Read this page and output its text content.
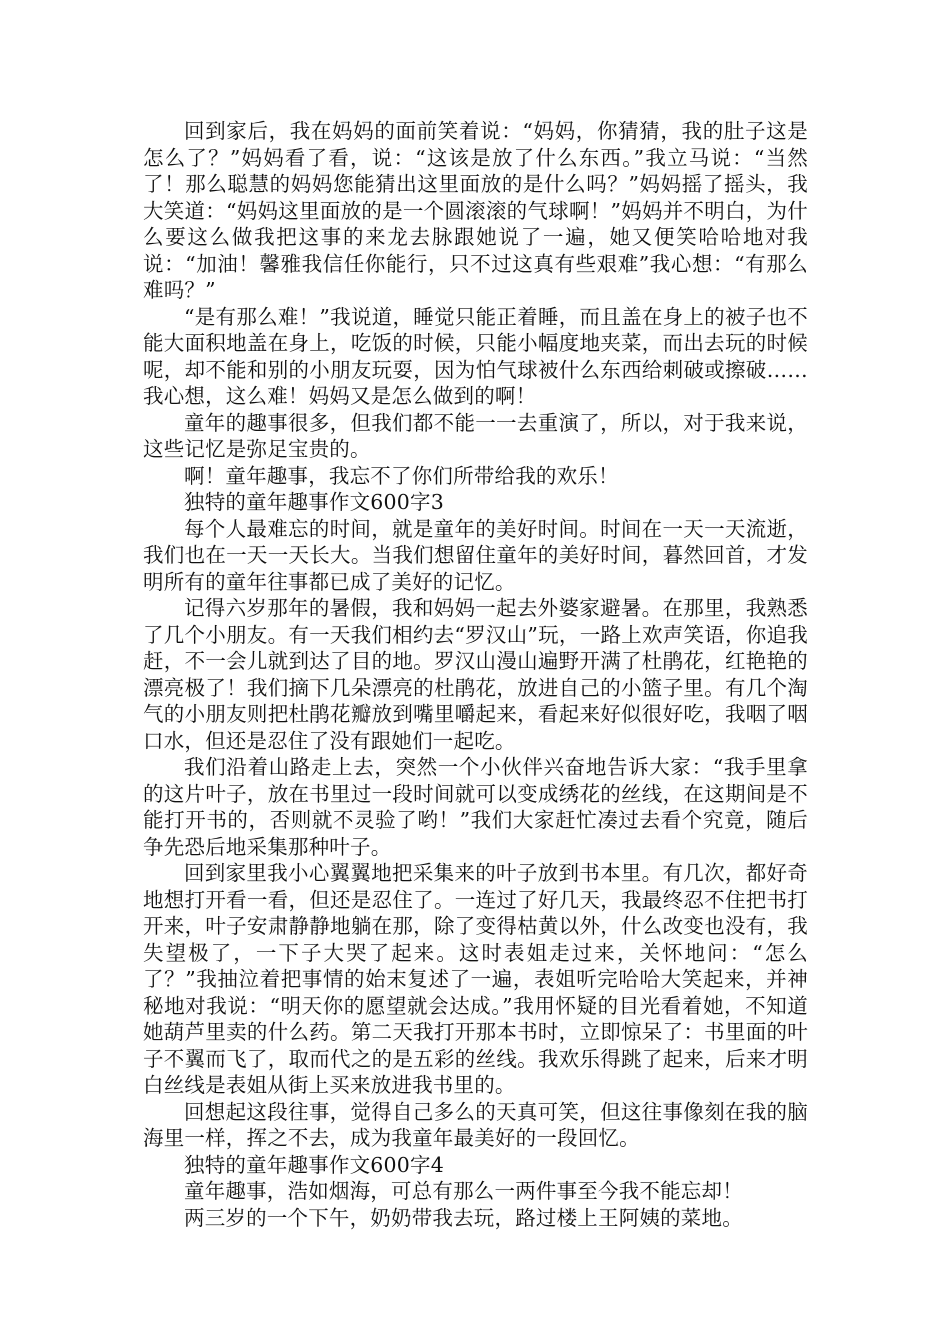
回到家后，我在妈妈的面前笑着说：“妈妈，你猜猜，我的肚子这是怎么了？”妈妈看了看，说：“这该是放了什么东西。”我立马说：“当然了！那么聪慧的妈妈您能猜出这里面放的是什么吗？”妈妈摇了摇头，我大笑道：“妈妈这里面放的是一个圆滚滚的气球啊！”妈妈并不明白，为什么要这么做我把这事的来龙去脉跟她说了一遍，她又便笑哈哈地对我说：“加油！馨雅我信任你能行，只不过这真有些艰难”我心想：“有那么难吗？”

“是有那么难！”我说道，睡觉只能正着睡，而且盖在身上的被子也不能大面积地盖在身上，吃饭的时候，只能小幅度地夹菜，而出去玩的时候呢，却不能和别的小朋友玩耍，因为怕气球被什么东西给刺破或擦破……我心想，这么难！妈妈又是怎么做到的啊！

童年的趣事很多，但我们都不能一一去重演了，所以，对于我来说，这些记忆是弥足宝贵的。

啊！童年趣事，我忘不了你们所带给我的欢乐！

独特的童年趣事作文600字3

每个人最难忘的时间，就是童年的美好时间。时间在一天一天流逝，我们也在一天一天长大。当我们想留住童年的美好时间，暮然回首，才发明所有的童年往事都已成了美好的记忆。

记得六岁那年的暑假，我和妈妈一起去外婆家避暑。在那里，我熟悉了几个小朋友。有一天我们相约去“罗汉山”玩，一路上欢声笑语，你追我赶，不一会儿就到达了目的地。罗汉山漫山遍野开满了杜鹃花，红艳艳的漂亮极了！我们摘下几朵漂亮的杜鹃花，放进自己的小篮子里。有几个淘气的小朋友则把杜鹃花瓣放到嘴里嚼起来，看起来好似很好吃，我咽了咽口水，但还是忍住了没有跟她们一起吃。

我们沿着山路走上去，突然一个小伙伴兴奋地告诉大家：“我手里拿的这片叶子，放在书里过一段时间就可以变成绣花的丝线，在这期间是不能打开书的，否则就不灵验了哟！”我们大家赶忙凑过去看个究竟，随后争先恐后地采集那种叶子。

回到家里我小心翼翼地把采集来的叶子放到书本里。有几次，都好奇地想打开看一看，但还是忍住了。一连过了好几天，我最终忍不住把书打开来，叶子安肃静静地躺在那，除了变得枯黄以外，什么改变也没有，我失望极了，一下子大哭了起来。这时表姐走过来，关怀地问：“怎么了？”我抽泣着把事情的始末复述了一遍，表姐听完哈哈大笑起来，并神秘地对我说：“明天你的愿望就会达成。”我用怀疑的目光看着她，不知道她葫芦里卖的什么药。第二天我打开那本书时，立即惊呆了：书里面的叶子不翼而飞了，取而代之的是五彩的丝线。我欢乐得跳了起来，后来才明白丝线是表姐从街上买来放进我书里的。

回想起这段往事，觉得自己多么的天真可笑，但这往事像刻在我的脑海里一样，挥之不去，成为我童年最美好的一段回忆。

独特的童年趣事作文600字4

童年趣事，浩如烟海，可总有那么一两件事至今我不能忘却！

两三岁的一个下午，奶奶带我去玩，路过楼上王阿姨的菜地。
